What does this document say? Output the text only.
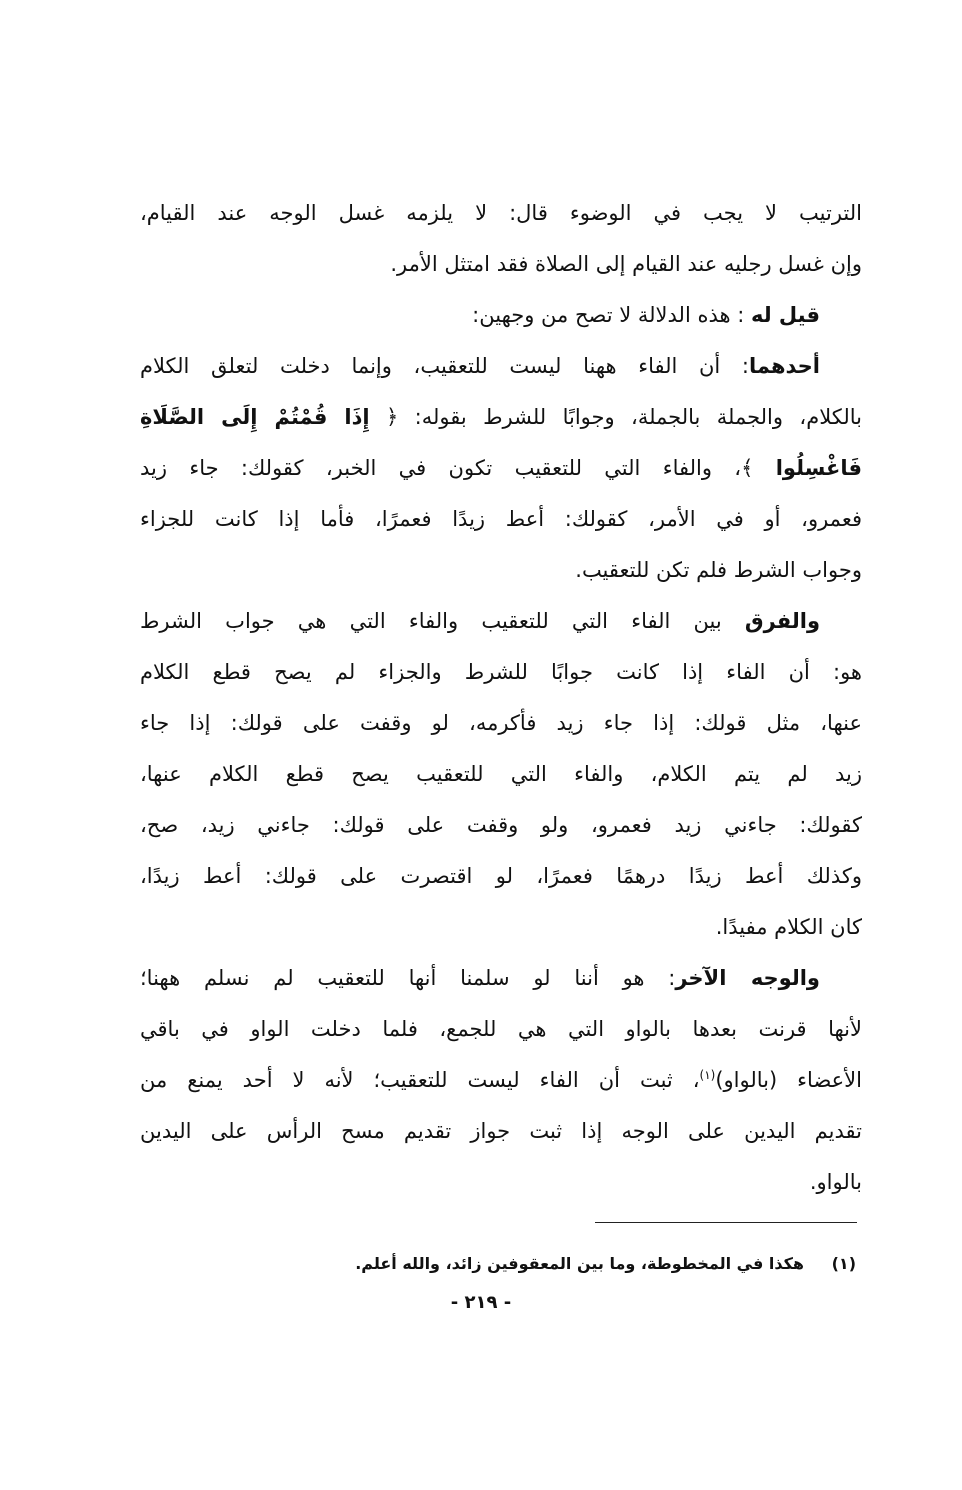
الترتيب لا يجب في الوضوء قال: لا يلزمه غسل الوجه عند القيام،
وإن غسل رجليه عند القيام إلى الصلاة فقد امتثل الأمر.
قيل له : هذه الدلالة لا تصح من وجهين:
أحدهما: أن الفاء ههنا ليست للتعقيب، وإنما دخلت لتعلق الكلام
بالكلام، والجملة بالجملة، وجوابًا للشرط بقوله: ﴿ إِذَا قُمْتُمْ إِلَى الصَّلَاةِ
فَاغْسِلُوا ﴾، والفاء التي للتعقيب تكون في الخبر، كقولك: جاء زيد
فعمرو، أو في الأمر، كقولك: أعط زيدًا فعمرًا، فأما إذا كانت للجزاء
وجواب الشرط فلم تكن للتعقيب.
والفرق بين الفاء التي للتعقيب والفاء التي هي جواب الشرط
هو: أن الفاء إذا كانت جوابًا للشرط والجزاء لم يصح قطع الكلام
عنها، مثل قولك: إذا جاء زيد فأكرمه، لو وقفت على قولك: إذا جاء
زيد لم يتم الكلام، والفاء التي للتعقيب يصح قطع الكلام عنها،
كقولك: جاءني زيد فعمرو، ولو وقفت على قولك: جاءني زيد، صح،
وكذلك أعط زيدًا درهمًا فعمرًا، لو اقتصرت على قولك: أعط زيدًا،
كان الكلام مفيدًا.
والوجه الآخر: هو أننا لو سلمنا أنها للتعقيب لم نسلم ههنا؛
لأنها قرنت بعدها بالواو التي هي للجمع، فلما دخلت الواو في باقي
الأعضاء (بالواو)$^{(١)}$، ثبت أن الفاء ليست للتعقيب؛ لأنه لا أحد يمنع من
تقديم اليدين على الوجه إذا ثبت جواز تقديم مسح الرأس على اليدين
بالواو.
(١) هكذا في المخطوطة، وما بين المعقوفين زائد، والله أعلم.
- ٢١٩ -
